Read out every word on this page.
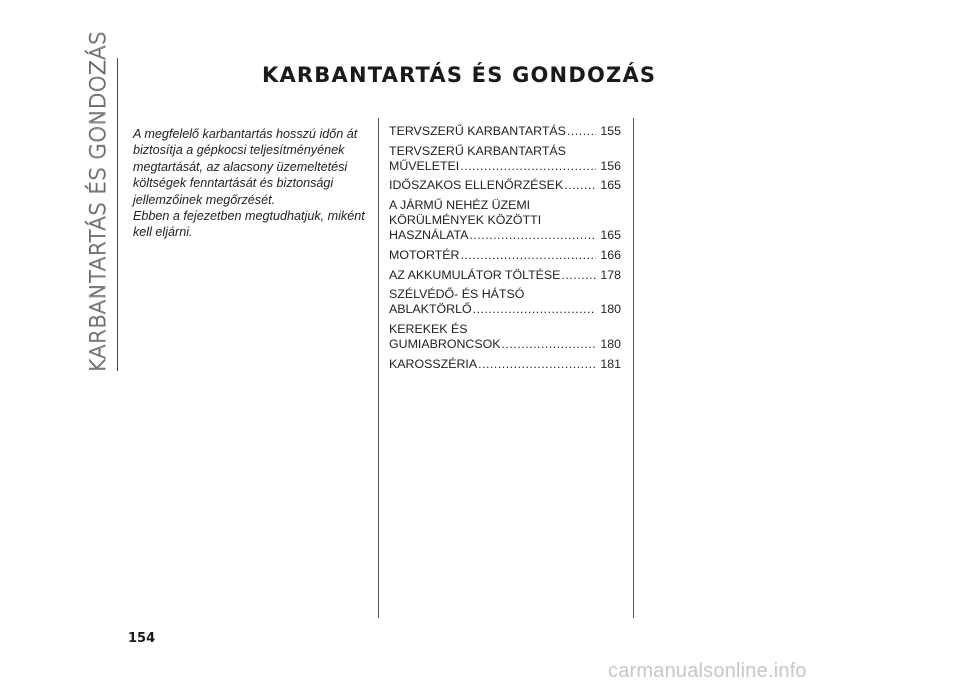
KARBANTARTÁS ÉS GONDOZÁS	KARBANTARTÁS ÉS GONDOZÁS

A megfelelő karbantartás hosszú időn át biztosítja a gépkocsi teljesítményének megtartását, az alacsony üzemeltetési költségek fenntartását és biztonsági jellemzőinek megőrzését.

Ebben a fejezetben megtudhatjuk, miként kell eljárni.

TERVSZERŰ KARBANTARTÁS .....	155
TERVSZERŰ KARBANTARTÁS
MŰVELETEI .....	156
IDŐSZAKOS ELLENŐRZÉSEK .....	165
A JÁRMŰ NEHÉZ ÜZEMI
KÖRÜLMÉNYEK KÖZÖTTI
HASZNÁLATA .....	165
MOTORTÉR .....	166
AZ AKKUMULÁTOR TÖLTÉSE .....	178
SZÉLVÉDŐ- ÉS HÁTSÓ
ABLAKTÖRLŐ .....	180
KEREKEK ÉS
GUMIABRONCSOK .....	180
KAROSSZÉRIA .....	181
154
carmanualsonline.info
